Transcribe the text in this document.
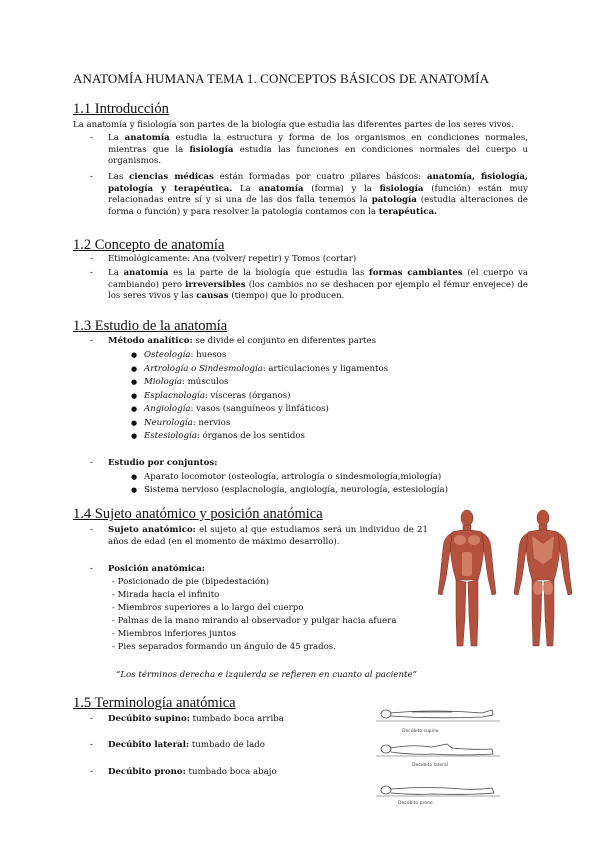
ANATOMÍA HUMANA TEMA 1. CONCEPTOS BÁSICOS DE ANATOMÍA
1.1 Introducción
La anatomía y fisiología son partes de la biología que estudia las diferentes partes de los seres vivos.
- La anatomía estudia la estructura y forma de los organismos en condiciones normales, mientras que la fisiología estudia las funciones en condiciones normales del cuerpo u organismos.
- Las ciencias médicas están formadas por cuatro pilares básicos: anatomía, fisiología, patología y terapéutica. La anatomía (forma) y la fisiología (función) están muy relacionadas entre sí y si una de las dos falla tenemos la patología (estudia alteraciones de forma o función) y para resolver la patología contamos con la terapéutica.
1.2 Concepto de anatomía
- Etimológicamente: Ana (volver/ repetir) y Tomos (cortar)
- La anatomía es la parte de la biología que estudia las formas cambiantes (el cuerpo va cambiando) pero irreversibles (los cambios no se deshacen por ejemplo el fémur envejece) de los seres vivos y las causas (tiempo) que lo producen.
1.3 Estudio de la anatomía
- Método analítico: se divide el conjunto en diferentes partes
● Osteología: huesos
● Artrología o Sindesmología: articulaciones y ligamentos
● Miología: músculos
● Esplacnología: vísceras (órganos)
● Angiología: vasos (sanguíneos y linfáticos)
● Neurología: nervios
● Estesiología: órganos de los sentidos
- Estudio por conjuntos:
● Aparato locomotor (osteología, artrología o sindesmología,miología)
● Sistema nervioso (esplacnología, angiología, neurología, estesiología)
1.4 Sujeto anatómico y posición anatómica
- Sujeto anatómico: el sujeto al que estudiamos será un individuo de 21 años de edad (en el momento de máximo desarrollo).
- Posición anatómica:
- Posicionado de pie (bipedestación)
- Mirada hacia el infinito
- Miembros superiores a lo largo del cuerpo
- Palmas de la mano mirando al observador y pulgar hacia afuera
- Miembros inferiores juntos
- Pies separados formando un ángulo de 45 grados.
“Los términos derecha e izquierda se refieren en cuanto al paciente”
1.5 Terminología anatómica
- Decúbito supino: tumbado boca arriba
- Decúbito lateral: tumbado de lado
- Decúbito prono: tumbado boca abajo
Decúbito supino
Decúbito lateral
Decúbito prono
